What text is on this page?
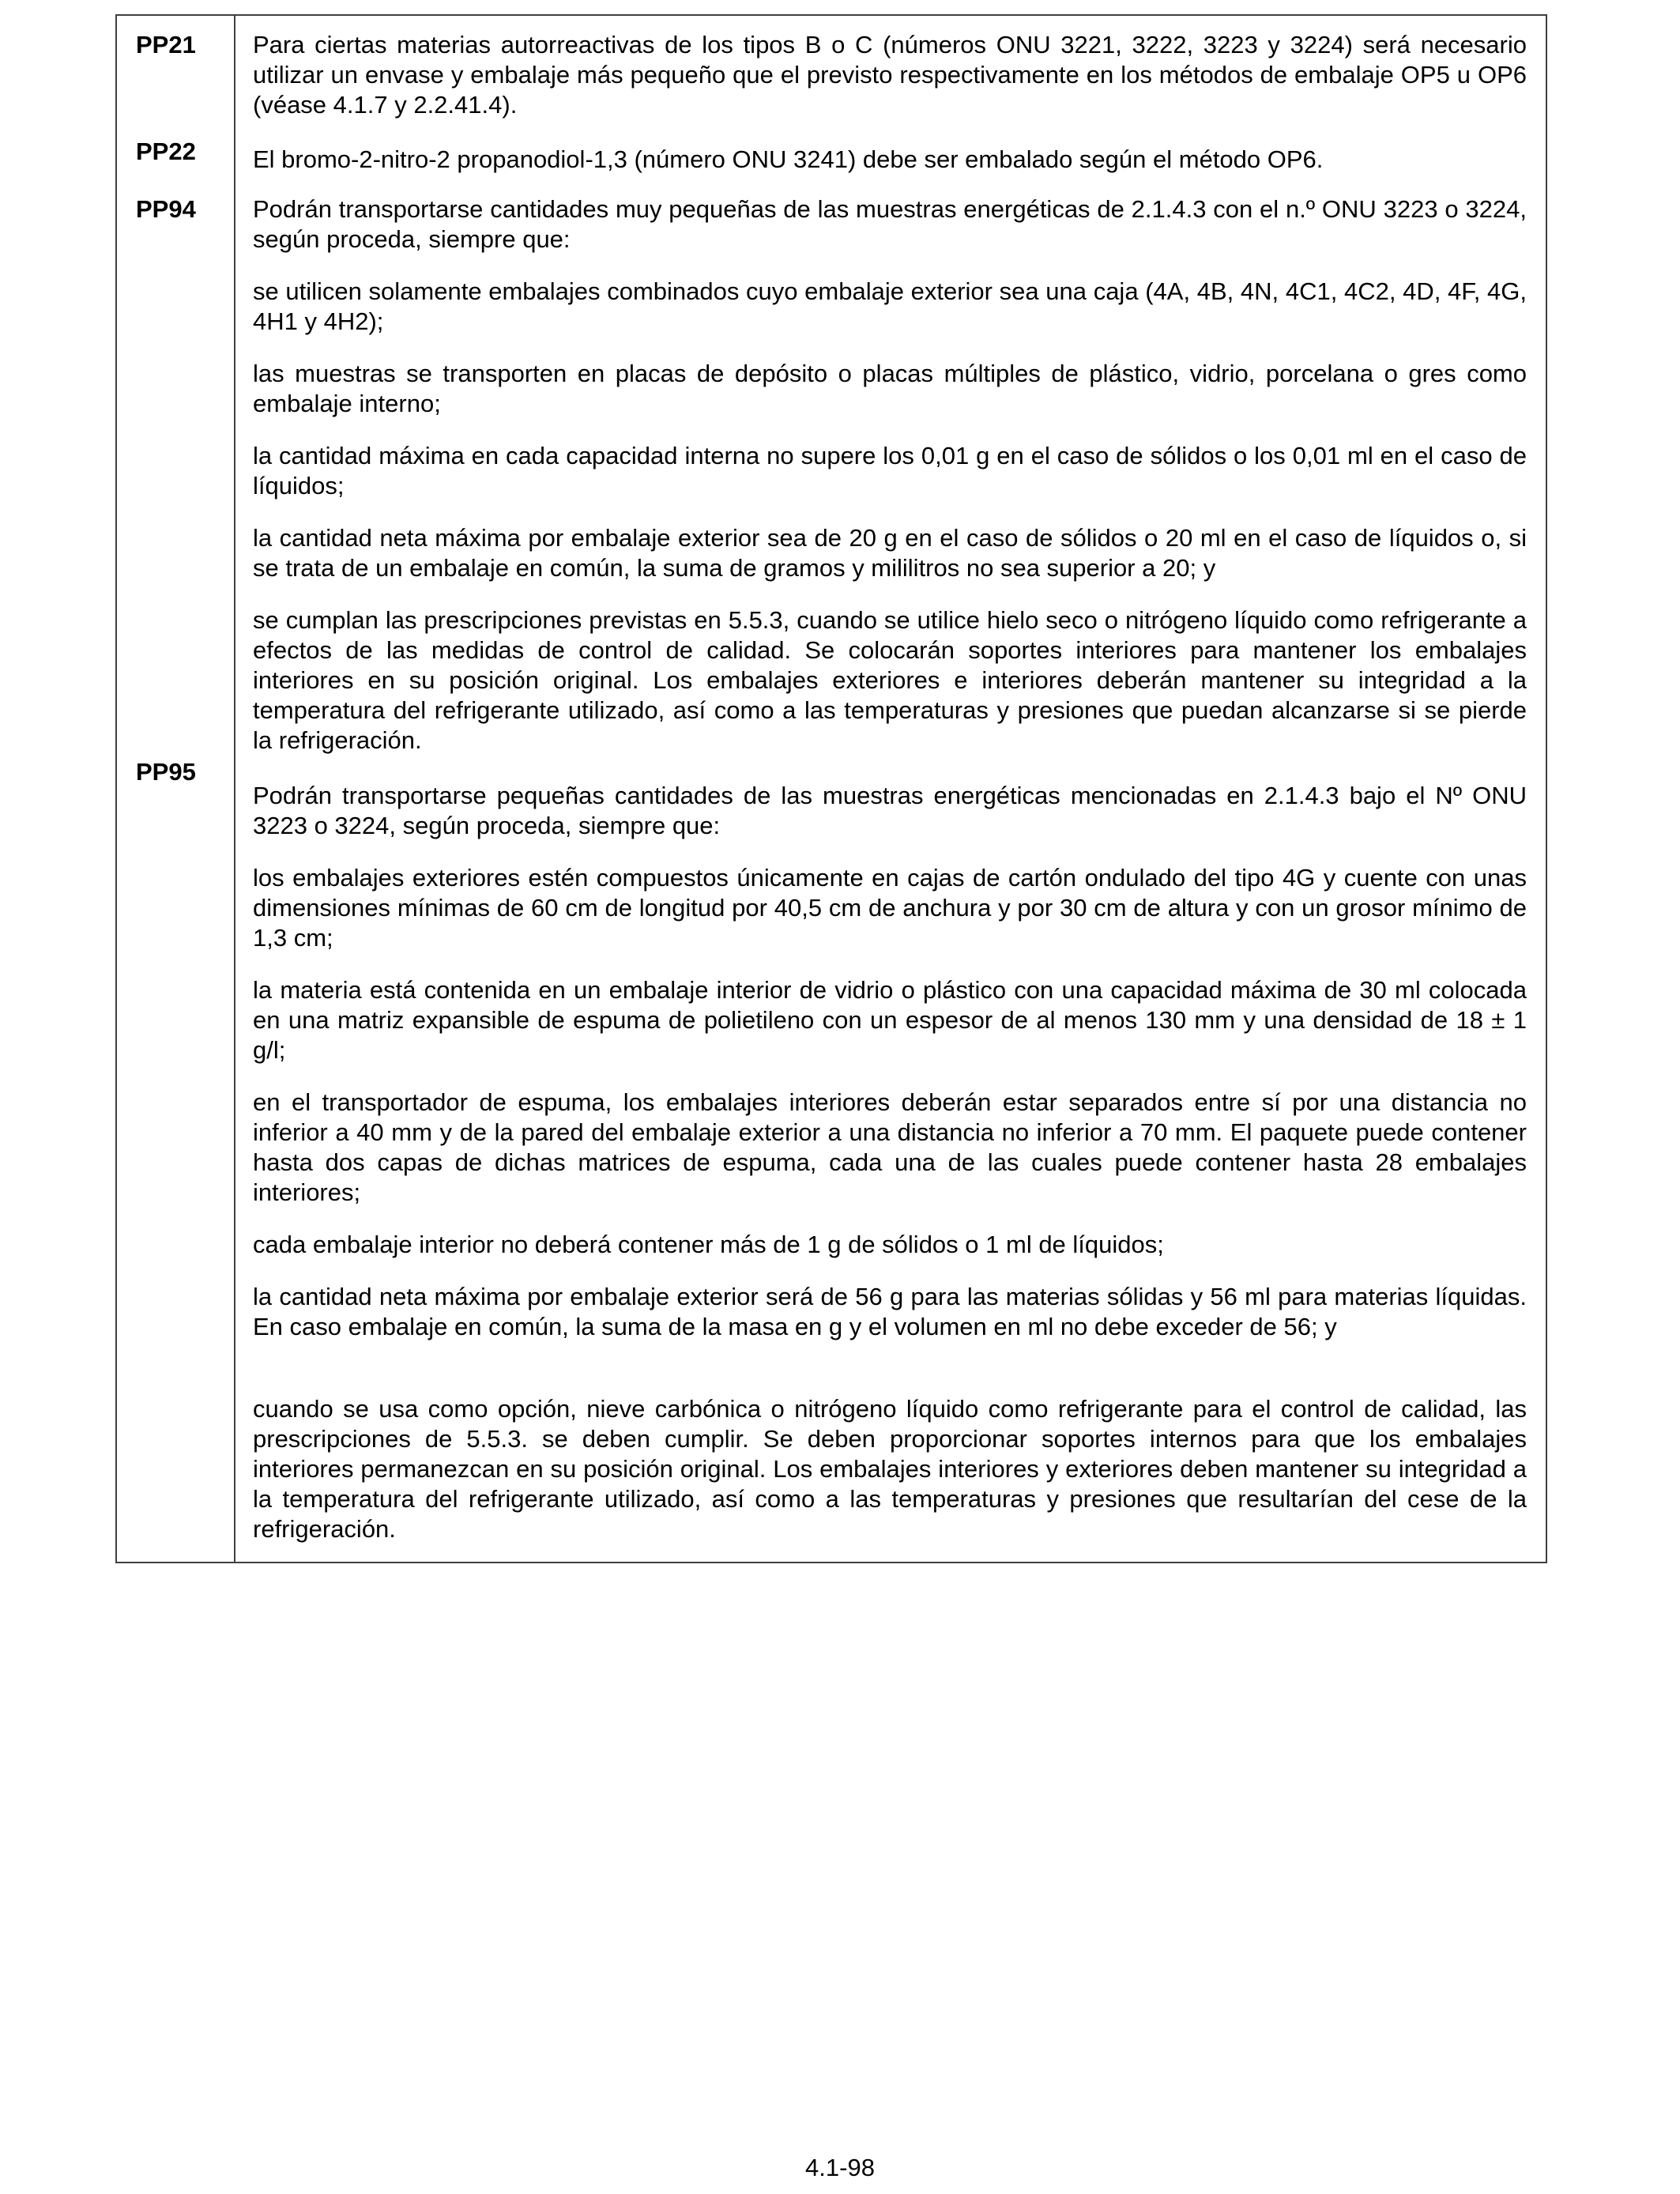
PP21
PP22
PP94
PP95
Para ciertas materias autorreactivas de los tipos B o C (números ONU 3221, 3222, 3223 y 3224) será necesario utilizar un envase y embalaje más pequeño que el previsto respectivamente en los métodos de embalaje OP5 u OP6 (véase 4.1.7 y 2.2.41.4).
El bromo-2-nitro-2 propanodiol-1,3 (número ONU 3241) debe ser embalado según el método OP6.
Podrán transportarse cantidades muy pequeñas de las muestras energéticas de 2.1.4.3 con el n.º ONU 3223 o 3224, según proceda, siempre que:
se utilicen solamente embalajes combinados cuyo embalaje exterior sea una caja (4A, 4B, 4N, 4C1, 4C2, 4D, 4F, 4G, 4H1 y 4H2);
las muestras se transporten en placas de depósito o placas múltiples de plástico, vidrio, porcelana o gres como embalaje interno;
la cantidad máxima en cada capacidad interna no supere los 0,01 g en el caso de sólidos o los 0,01 ml en el caso de líquidos;
la cantidad neta máxima por embalaje exterior sea de 20 g en el caso de sólidos o 20 ml en el caso de líquidos o, si se trata de un embalaje en común, la suma de gramos y mililitros no sea superior a 20; y
se cumplan las prescripciones previstas en 5.5.3, cuando se utilice hielo seco o nitrógeno líquido como refrigerante a efectos de las medidas de control de calidad. Se colocarán soportes interiores para mantener los embalajes interiores en su posición original. Los embalajes exteriores e interiores deberán mantener su integridad a la temperatura del refrigerante utilizado, así como a las temperaturas y presiones que puedan alcanzarse si se pierde la refrigeración.
Podrán transportarse pequeñas cantidades de las muestras energéticas mencionadas en 2.1.4.3 bajo el Nº ONU 3223 o 3224, según proceda, siempre que:
los embalajes exteriores estén compuestos únicamente en cajas de cartón ondulado del tipo 4G y cuente con unas dimensiones mínimas de 60 cm de longitud por 40,5 cm de anchura y por 30 cm de altura y con un grosor mínimo de 1,3 cm;
la materia está contenida en un embalaje interior de vidrio o plástico con una capacidad máxima de 30 ml colocada en una matriz expansible de espuma de polietileno con un espesor de al menos 130 mm y una densidad de 18 ± 1 g/l;
en el transportador de espuma, los embalajes interiores deberán estar separados entre sí por una distancia no inferior a 40 mm y de la pared del embalaje exterior a una distancia no inferior a 70 mm. El paquete puede contener hasta dos capas de dichas matrices de espuma, cada una de las cuales puede contener hasta 28 embalajes interiores;
cada embalaje interior no deberá contener más de 1 g de sólidos o 1 ml de líquidos;
la cantidad neta máxima por embalaje exterior será de 56 g para las materias sólidas y 56 ml para materias líquidas. En caso embalaje en común, la suma de la masa en g y el volumen en ml no debe exceder de 56; y
cuando se usa como opción, nieve carbónica o nitrógeno líquido como refrigerante para el control de calidad, las prescripciones de 5.5.3. se deben cumplir. Se deben proporcionar soportes internos para que los embalajes interiores permanezcan en su posición original. Los embalajes interiores y exteriores deben mantener su integridad a la temperatura del refrigerante utilizado, así como a las temperaturas y presiones que resultarían del cese de la refrigeración.
4.1-98
